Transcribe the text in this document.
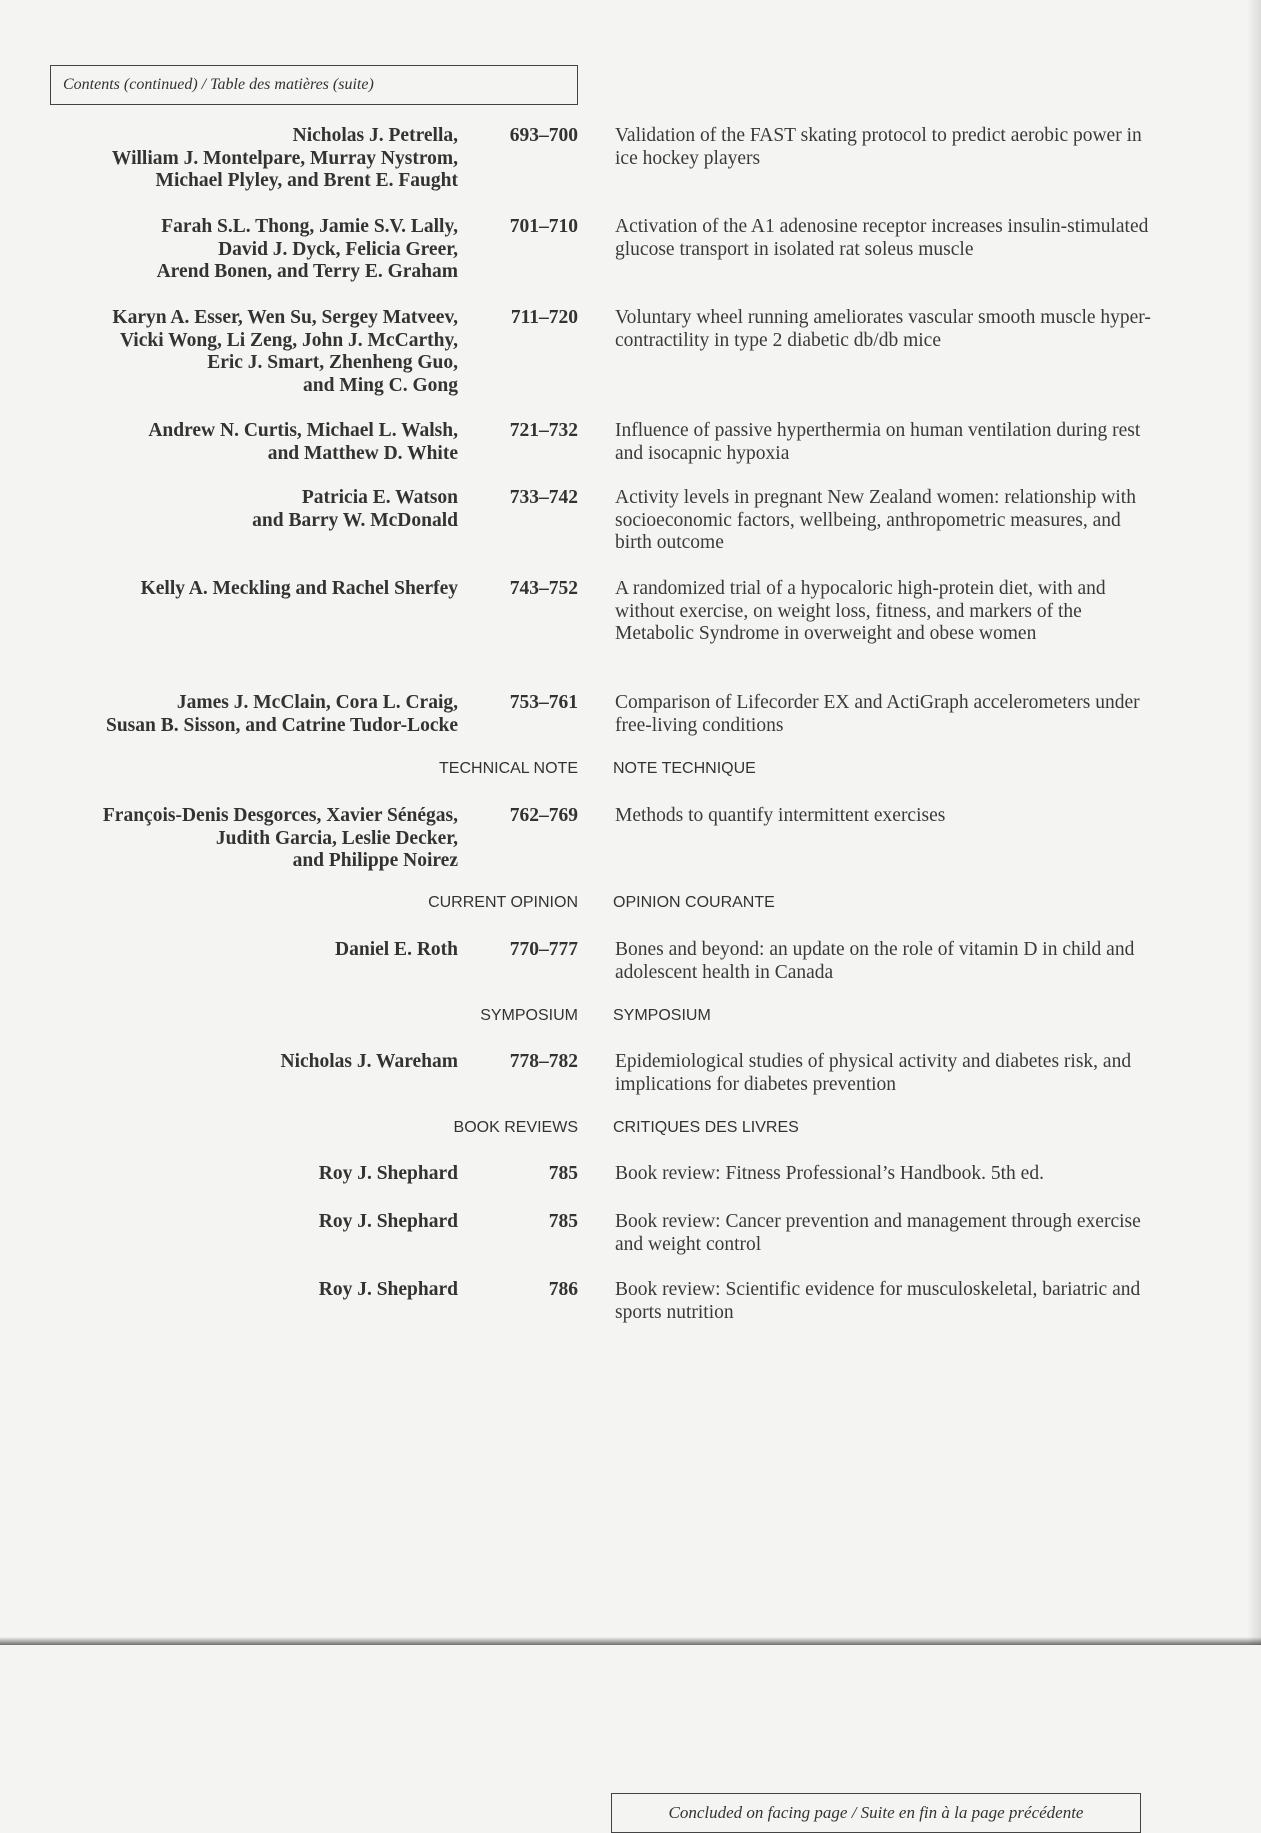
Contents (continued) / Table des matières (suite)
Nicholas J. Petrella,
William J. Montelpare, Murray Nystrom,
Michael Plyley, and Brent E. Faught
693–700 Validation of the FAST skating protocol to predict aerobic power in ice hockey players
Farah S.L. Thong, Jamie S.V. Lally,
David J. Dyck, Felicia Greer,
Arend Bonen, and Terry E. Graham
701–710 Activation of the A1 adenosine receptor increases insulin-stimulated glucose transport in isolated rat soleus muscle
Karyn A. Esser, Wen Su, Sergey Matveev,
Vicki Wong, Li Zeng, John J. McCarthy,
Eric J. Smart, Zhenheng Guo,
and Ming C. Gong
711–720 Voluntary wheel running ameliorates vascular smooth muscle hyper-contractility in type 2 diabetic db/db mice
Andrew N. Curtis, Michael L. Walsh,
and Matthew D. White
721–732 Influence of passive hyperthermia on human ventilation during rest and isocapnic hypoxia
Patricia E. Watson
and Barry W. McDonald
733–742 Activity levels in pregnant New Zealand women: relationship with socioeconomic factors, wellbeing, anthropometric measures, and birth outcome
Kelly A. Meckling and Rachel Sherfey	743–752 A randomized trial of a hypocaloric high-protein diet, with and without exercise, on weight loss, fitness, and markers of the Metabolic Syndrome in overweight and obese women
James J. McClain, Cora L. Craig,
Susan B. Sisson, and Catrine Tudor-Locke
753–761 Comparison of Lifecorder EX and ActiGraph accelerometers under free-living conditions
TECHNICAL NOTE NOTE TECHNIQUE
François-Denis Desgorces, Xavier Sénégas,
Judith Garcia, Leslie Decker,
and Philippe Noirez
762–769 Methods to quantify intermittent exercises
CURRENT OPINION OPINION COURANTE
Daniel E. Roth	770–777 Bones and beyond: an update on the role of vitamin D in child and adolescent health in Canada
SYMPOSIUM SYMPOSIUM
Nicholas J. Wareham	778–782 Epidemiological studies of physical activity and diabetes risk, and implications for diabetes prevention
BOOK REVIEWS CRITIQUES DES LIVRES
Roy J. Shephard	785 Book review: Fitness Professional’s Handbook. 5th ed.
Roy J. Shephard	785 Book review: Cancer prevention and management through exercise and weight control
Roy J. Shephard	786 Book review: Scientific evidence for musculoskeletal, bariatric and sports nutrition
Concluded on facing page / Suite en fin à la page précédente
